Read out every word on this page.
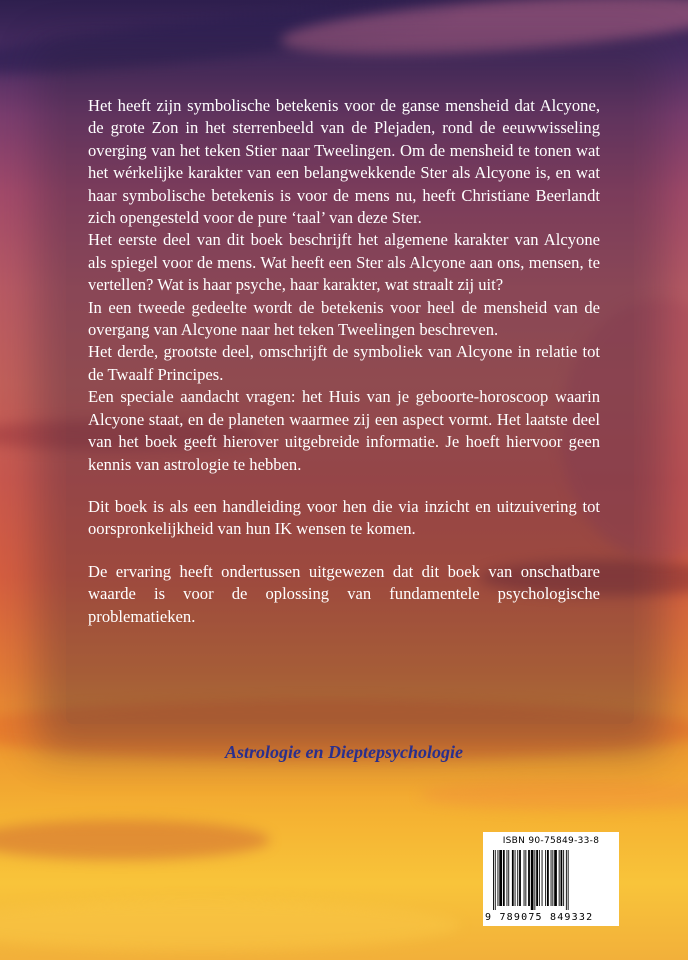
Het heeft zijn symbolische betekenis voor de ganse mensheid dat Alcyone, de grote Zon in het sterrenbeeld van de Plejaden, rond de eeuwwisseling overging van het teken Stier naar Tweelingen. Om de mensheid te tonen wat het wérkelijke karakter van een belangwekkende Ster als Alcyone is, en wat haar symbolische betekenis is voor de mens nu, heeft Christiane Beerlandt zich opengesteld voor de pure ‘taal’ van deze Ster.

Het eerste deel van dit boek beschrijft het algemene karakter van Alcyone als spiegel voor de mens. Wat heeft een Ster als Alcyone aan ons, mensen, te vertellen? Wat is haar psyche, haar karakter, wat straalt zij uit?

In een tweede gedeelte wordt de betekenis voor heel de mensheid van de overgang van Alcyone naar het teken Tweelingen beschreven.

Het derde, grootste deel, omschrijft de symboliek van Alcyone in relatie tot de Twaalf Principes.

Een speciale aandacht vragen: het Huis van je geboorte-horoscoop waarin Alcyone staat, en de planeten waarmee zij een aspect vormt. Het laatste deel van het boek geeft hierover uitgebreide informatie. Je hoeft hiervoor geen kennis van astrologie te hebben.

Dit boek is als een handleiding voor hen die via inzicht en uitzuivering tot oorspronkelijkheid van hun IK wensen te komen.

De ervaring heeft ondertussen uitgewezen dat dit boek van onschatbare waarde is voor de oplossing van fundamentele psychologische problematieken.

Astrologie en Dieptepsychologie
ISBN 90-75849-33-8
9 789075 849332
